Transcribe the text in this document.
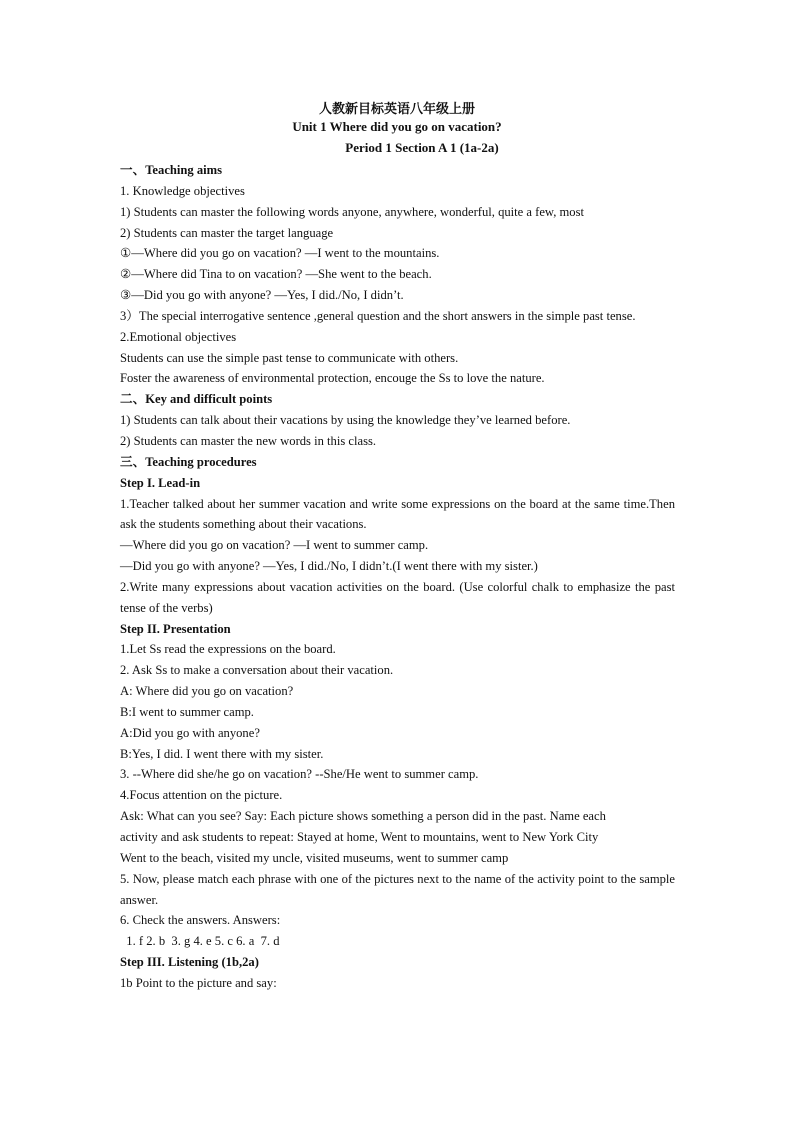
人教新目标英语八年级上册
Unit 1 Where did you go on vacation?
Period 1 Section A 1 (1a-2a)

一、Teaching aims

1. Knowledge objectives

1) Students can master the following words anyone, anywhere, wonderful, quite a few, most

2) Students can master the target language

①—Where did you go on vacation? —I went to the mountains.

②—Where did Tina to on vacation? —She went to the beach.

③—Did you go with anyone? —Yes, I did./No, I didn’t.

3）The special interrogative sentence ,general question and the short answers in the simple past tense.

2.Emotional objectives

Students can use the simple past tense to communicate with others.

Foster the awareness of environmental protection, encouge the Ss to love the nature.

二、Key and difficult points

1) Students can talk about their vacations by using the knowledge they’ve learned before.

2) Students can master the new words in this class.

三、Teaching procedures

Step I. Lead-in

1.Teacher talked about her summer vacation and write some expressions on the board at the same time.Then ask the students something about their vacations.

—Where did you go on vacation? —I went to summer camp.

—Did you go with anyone? —Yes, I did./No, I didn’t.(I went there with my sister.)

2.Write many expressions about vacation activities on the board. (Use colorful chalk to emphasize the past tense of the verbs)

Step II. Presentation

1.Let Ss read the expressions on the board.

2. Ask Ss to make a conversation about their vacation.

A: Where did you go on vacation?

B:I went to summer camp.

A:Did you go with anyone?

B:Yes, I did. I went there with my sister.

3. --Where did she/he go on vacation? --She/He went to summer camp.

4.Focus attention on the picture.

Ask: What can you see? Say: Each picture shows something a person did in the past. Name each

activity and ask students to repeat: Stayed at home, Went to mountains, went to New York City

Went to the beach, visited my uncle, visited museums, went to summer camp

5. Now, please match each phrase with one of the pictures next to the name of the activity point to the sample answer.

6. Check the answers. Answers:

1. f 2. b  3. g 4. e 5. c 6. a  7. d

Step III. Listening (1b,2a)

1b Point to the picture and say:
